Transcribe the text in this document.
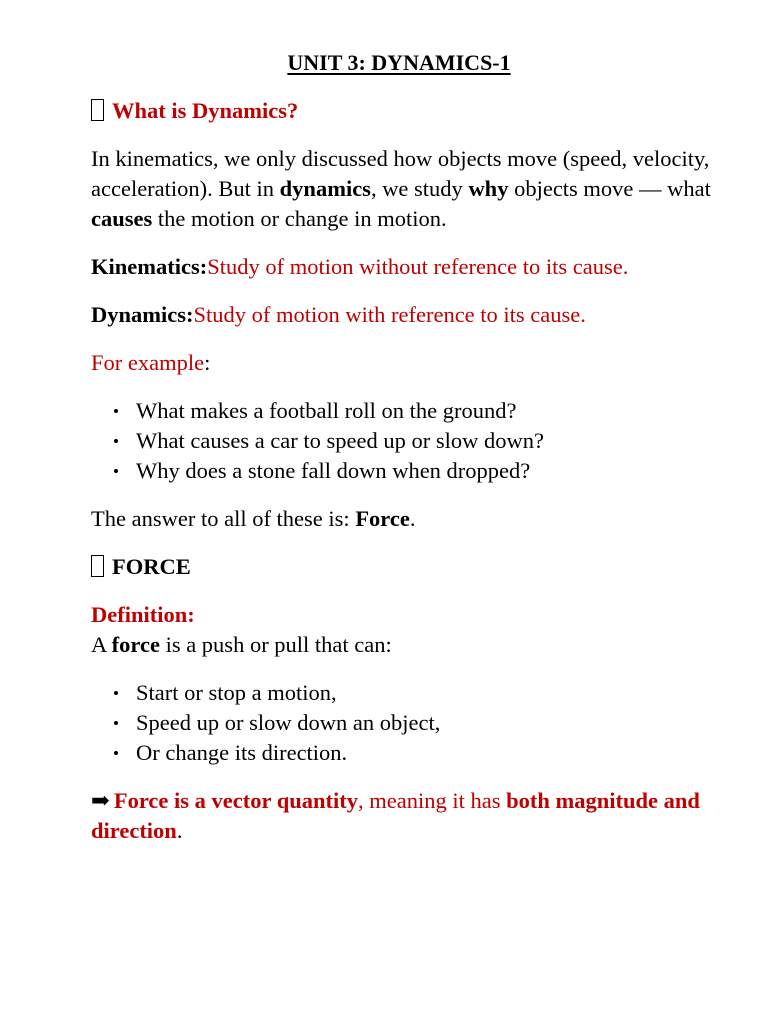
UNIT 3: DYNAMICS-1
What is Dynamics?

In kinematics, we only discussed how objects move (speed, velocity, acceleration). But in dynamics, we study why objects move — what causes the motion or change in motion.

Kinematics:Study of motion without reference to its cause.

Dynamics:Study of motion with reference to its cause.

For example:

What makes a football roll on the ground?
What causes a car to speed up or slow down?
Why does a stone fall down when dropped?

The answer to all of these is: Force.

FORCE
Definition:
A force is a push or pull that can:
Start or stop a motion,
Speed up or slow down an object,
Or change its direction.

➡ Force is a vector quantity, meaning it has both magnitude and direction.
